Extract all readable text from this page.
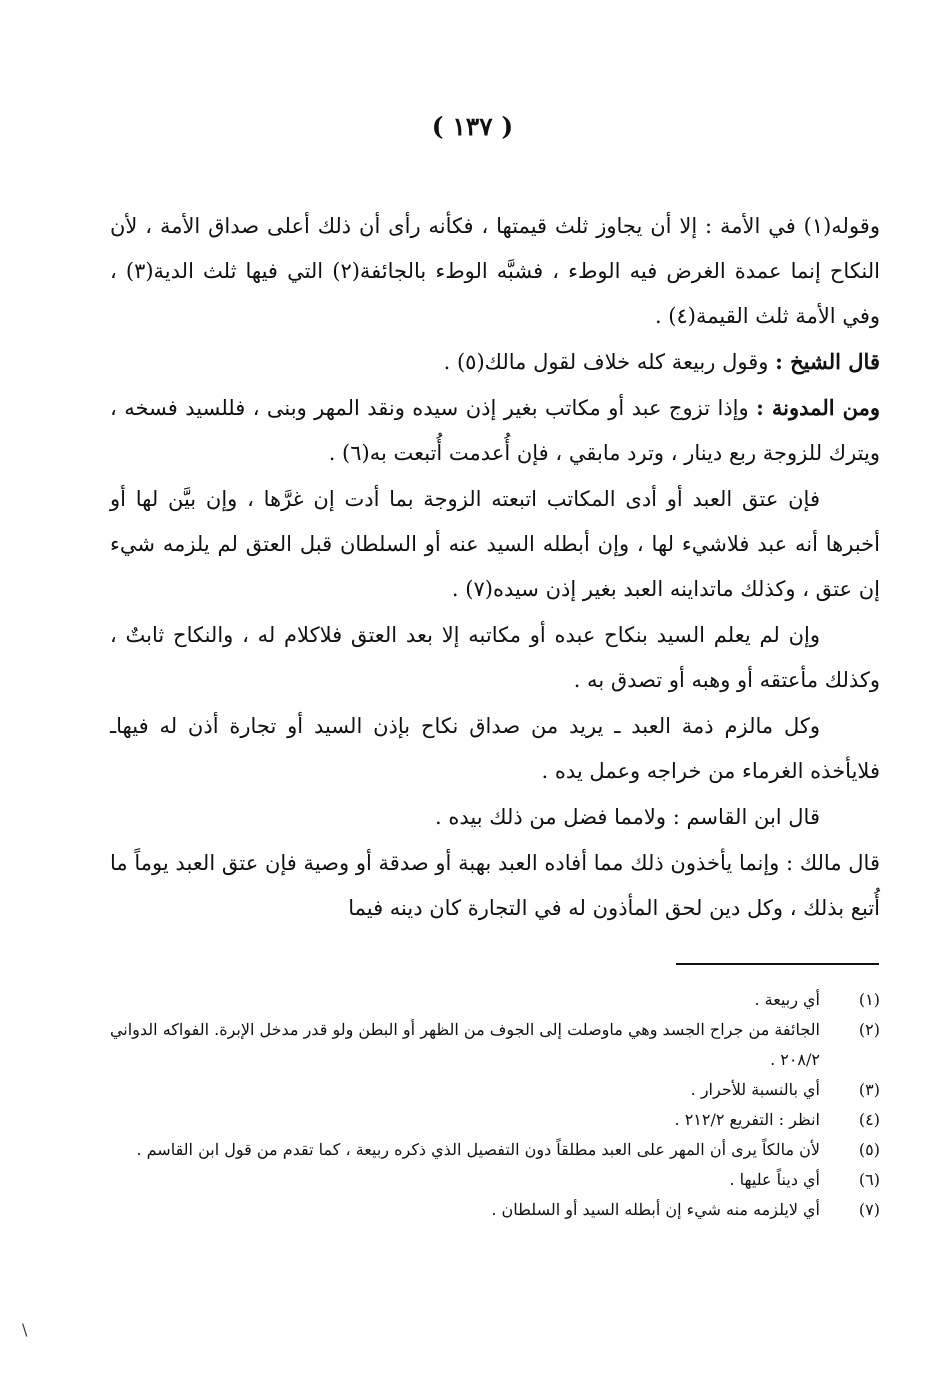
( ١٣٧ )

وقوله(١) في الأمة : إلا أن يجاوز ثلث قيمتها ، فكأنه رأى أن ذلك أعلى صداق الأمة ، لأن النكاح إنما عمدة الغرض فيه الوطء ، فشبَّه الوطء بالجائفة(٢) التي فيها ثلث الدية(٣) ، وفي الأمة ثلث القيمة(٤) .

قال الشيخ : وقول ربيعة كله خلاف لقول مالك(٥) .

ومن المدونة : وإذا تزوج عبد أو مكاتب بغير إذن سيده ونقد المهر وبنى ، فللسيد فسخه ، ويترك للزوجة ربع دينار ، وترد مابقي ، فإن أُعدمت أُتبعت به(٦) .

فإن عتق العبد أو أدى المكاتب اتبعته الزوجة بما أدت إن غرَّها ، وإن بيَّن لها أو أخبرها أنه عبد فلاشيء لها ، وإن أبطله السيد عنه أو السلطان قبل العتق لم يلزمه شيء إن عتق ، وكذلك ماتداينه العبد بغير إذن سيده(٧) .

وإن لم يعلم السيد بنكاح عبده أو مكاتبه إلا بعد العتق فلاكلام له ، والنكاح ثابتٌ ، وكذلك مأعتقه أو وهبه أو تصدق به .

وكل مالزم ذمة العبد ـ يريد من صداق نكاح بإذن السيد أو تجارة أذن له فيهاـ فلايأخذه الغرماء من خراجه وعمل يده .

قال ابن القاسم : ولامما فضل من ذلك بيده .

قال مالك : وإنما يأخذون ذلك مما أفاده العبد بهبة أو صدقة أو وصية فإن عتق العبد يوماً ما أُتبع بذلك ، وكل دين لحق المأذون له في التجارة كان دينه فيما

(١)
أي ربيعة .
(٢)
الجائفة من جراح الجسد وهي ماوصلت إلى الجوف من الظهر أو البطن ولو قدر مدخل الإبرة. الفواكه الدواني ٢٠٨/٢ .
(٣)
أي بالنسبة للأحرار .
(٤)
انظر : التفريع ٢١٢/٢ .
(٥)
لأن مالكاً يرى أن المهر على العبد مطلقاً دون التفصيل الذي ذكره ربيعة ، كما تقدم من قول ابن القاسم .
(٦)
أي ديناً عليها .
(٧)
أي لايلزمه منه شيء إن أبطله السيد أو السلطان .
\
